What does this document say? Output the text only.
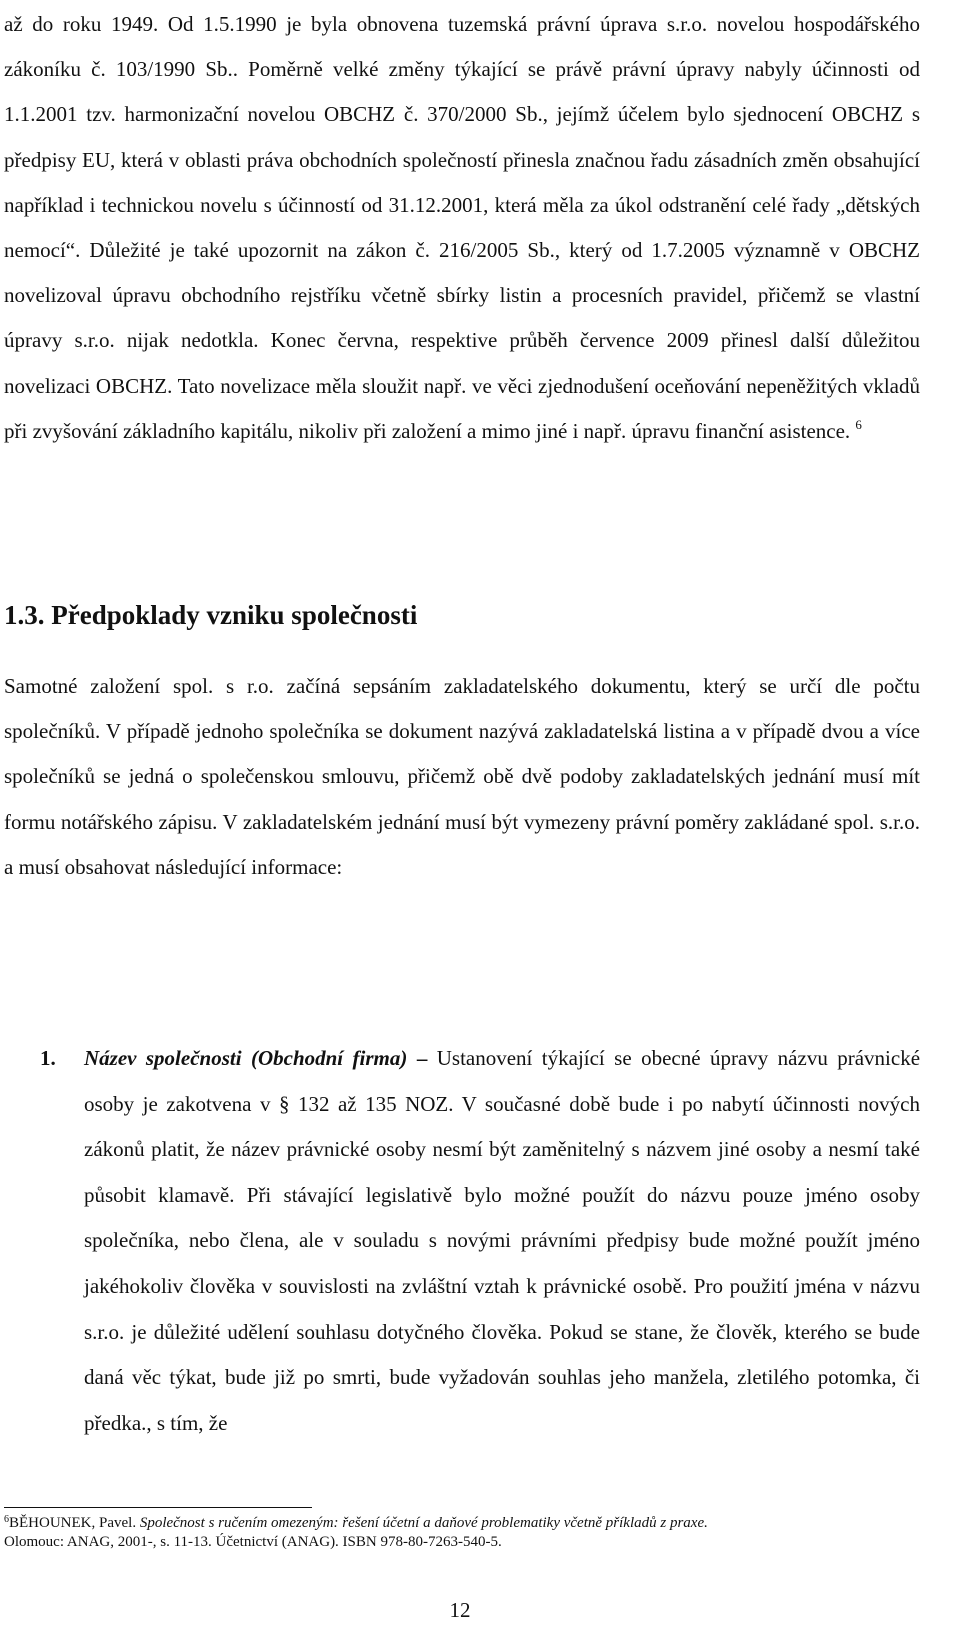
až do roku 1949. Od 1.5.1990 je byla obnovena tuzemská právní úprava s.r.o. novelou hospodářského zákoníku č. 103/1990 Sb.. Poměrně velké změny týkající se právě právní úpravy nabyly účinnosti od 1.1.2001 tzv. harmonizační novelou OBCHZ č. 370/2000 Sb., jejímž účelem bylo sjednocení OBCHZ s předpisy EU, která v oblasti práva obchodních společností přinesla značnou řadu zásadních změn obsahující například i technickou novelu s účinností od 31.12.2001, která měla za úkol odstranění celé řady „dětských nemocí“. Důležité je také upozornit na zákon č. 216/2005 Sb., který od 1.7.2005 významně v OBCHZ novelizoval úpravu obchodního rejstříku včetně sbírky listin a procesních pravidel, přičemž se vlastní úpravy s.r.o. nijak nedotkla. Konec června, respektive průběh července 2009 přinesl další důležitou novelizaci OBCHZ. Tato novelizace měla sloužit např. ve věci zjednodušení oceňování nepeněžitých vkladů při zvyšování základního kapitálu, nikoliv při založení a mimo jiné i např. úpravu finanční asistence. $^6$

1.3. Předpoklady vzniku společnosti

Samotné založení spol. s r.o. začíná sepsáním zakladatelského dokumentu, který se určí dle počtu společníků. V případě jednoho společníka se dokument nazývá zakladatelská listina a v případě dvou a více společníků se jedná o společenskou smlouvu, přičemž obě dvě podoby zakladatelských jednání musí mít formu notářského zápisu. V zakladatelském jednání musí být vymezeny právní poměry zakládané spol. s.r.o. a musí obsahovat následující informace:

1. Název společnosti (Obchodní firma) – Ustanovení týkající se obecné úpravy názvu právnické osoby je zakotvena v § 132 až 135 NOZ. V současné době bude i po nabytí účinnosti nových zákonů platit, že název právnické osoby nesmí být zaměnitelný s názvem jiné osoby a nesmí také působit klamavě. Při stávající legislativě bylo možné použít do názvu pouze jméno osoby společníka, nebo člena, ale v souladu s novými právními předpisy bude možné použít jméno jakéhokoliv člověka v souvislosti na zvláštní vztah k právnické osobě. Pro použití jména v názvu s.r.o. je důležité udělení souhlasu dotyčného člověka. Pokud se stane, že člověk, kterého se bude daná věc týkat, bude již po smrti, bude vyžadován souhlas jeho manžela, zletilého potomka, či předka., s tím, že

$^6$BĚHOUNEK, Pavel. Společnost s ručením omezeným: řešení účetní a daňové problematiky včetně příkladů z praxe.
Olomouc: ANAG, 2001-, s. 11-13. Účetnictví (ANAG). ISBN 978-80-7263-540-5.

12
